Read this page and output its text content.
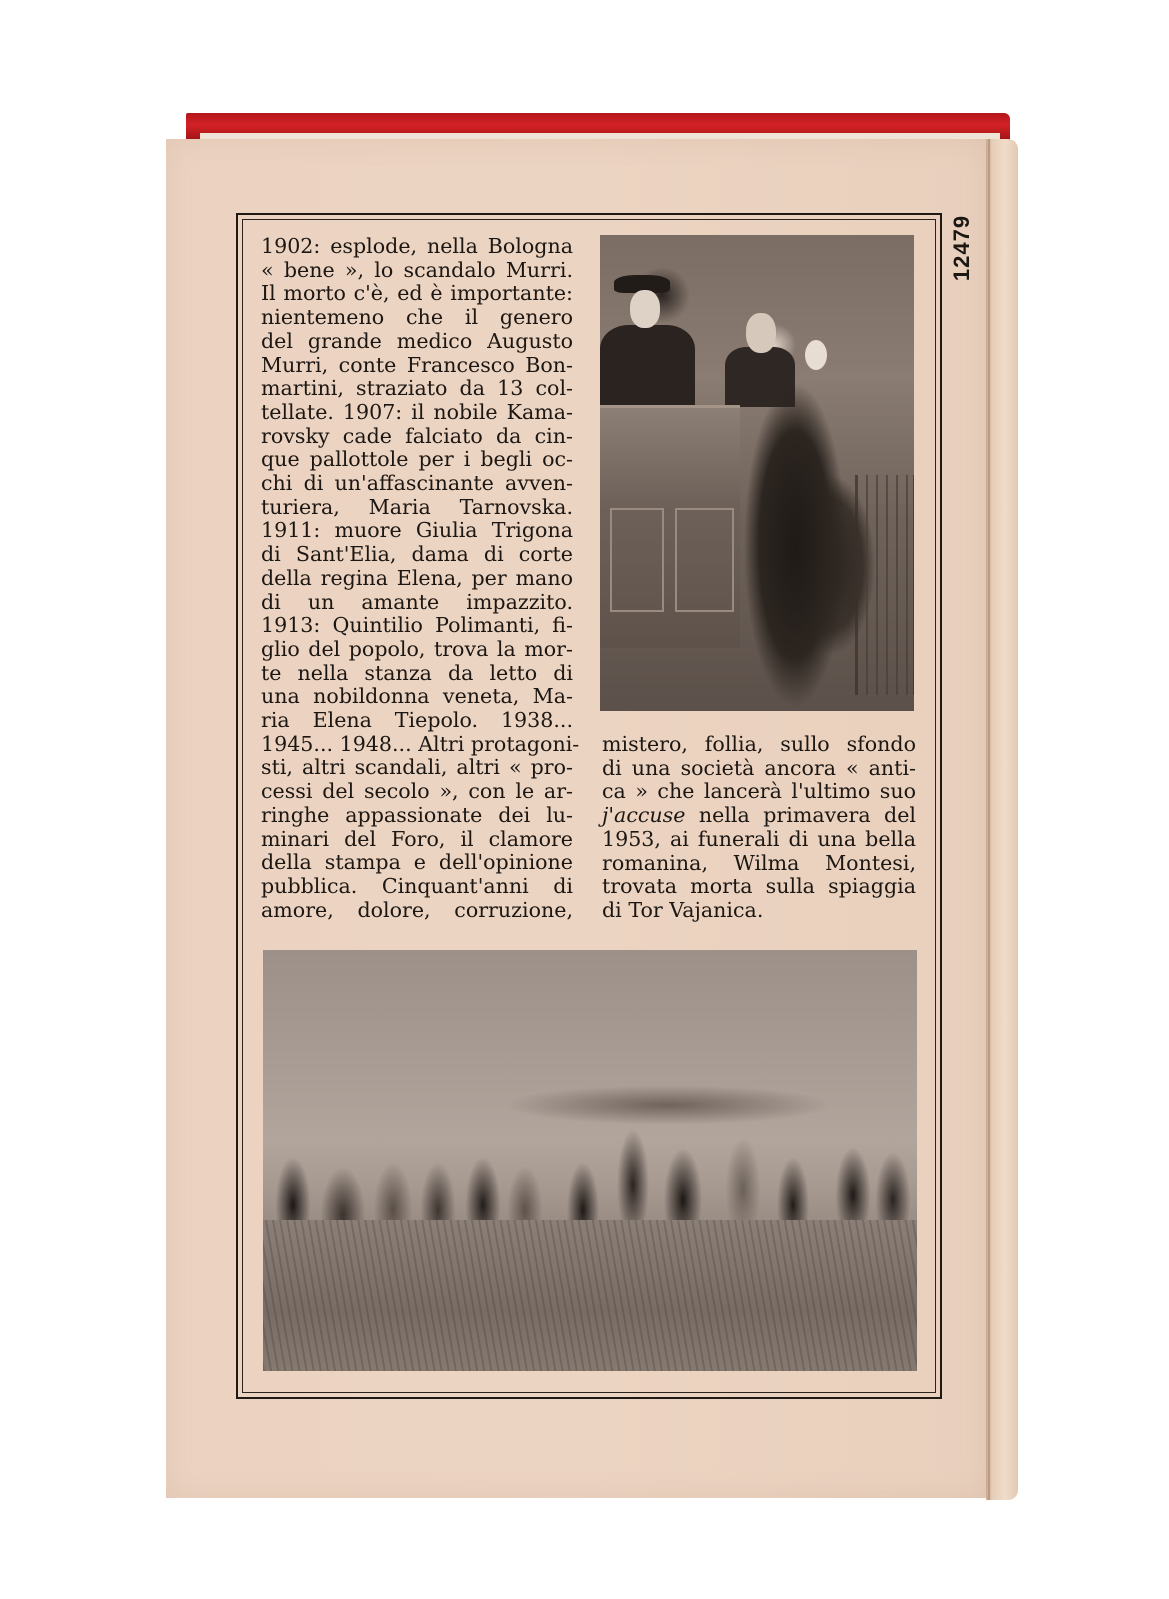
12479
1902: esplode, nella Bologna
« bene », lo scandalo Murri.
Il morto c'è, ed è importante:
nientemeno che il genero
del grande medico Augusto
Murri, conte Francesco Bon-
martini, straziato da 13 col-
tellate. 1907: il nobile Kama-
rovsky cade falciato da cin-
que pallottole per i begli oc-
chi di un'affascinante avven-
turiera, Maria Tarnovska.
1911: muore Giulia Trigona
di Sant'Elia, dama di corte
della regina Elena, per mano
di un amante impazzito.
1913: Quintilio Polimanti, fi-
glio del popolo, trova la mor-
te nella stanza da letto di
una nobildonna veneta, Ma-
ria Elena Tiepolo. 1938...
1945... 1948... Altri protagoni-
sti, altri scandali, altri « pro-
cessi del secolo », con le ar-
ringhe appassionate dei lu-
minari del Foro, il clamore
della stampa e dell'opinione
pubblica. Cinquant'anni di
amore, dolore, corruzione,
mistero, follia, sullo sfondo
di una società ancora « anti-
ca » che lancerà l'ultimo suo
j'accuse nella primavera del
1953, ai funerali di una bella
romanina, Wilma Montesi,
trovata morta sulla spiaggia
di Tor Vajanica.
